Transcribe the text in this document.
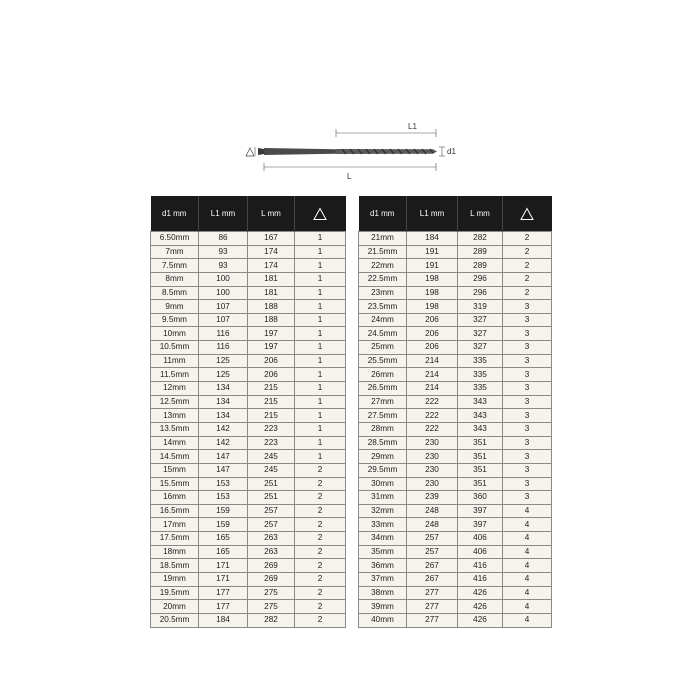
L1
d1
L
d1 mm	L1 mm	L mm	
6.50mm	86	167	1
7mm	93	174	1
7.5mm	93	174	1
8mm	100	181	1
8.5mm	100	181	1
9mm	107	188	1
9.5mm	107	188	1
10mm	116	197	1
10.5mm	116	197	1
11mm	125	206	1
11.5mm	125	206	1
12mm	134	215	1
12.5mm	134	215	1
13mm	134	215	1
13.5mm	142	223	1
14mm	142	223	1
14.5mm	147	245	1
15mm	147	245	2
15.5mm	153	251	2
16mm	153	251	2
16.5mm	159	257	2
17mm	159	257	2
17.5mm	165	263	2
18mm	165	263	2
18.5mm	171	269	2
19mm	171	269	2
19.5mm	177	275	2
20mm	177	275	2
20.5mm	184	282	2
d1 mm	L1 mm	L mm	
21mm	184	282	2
21.5mm	191	289	2
22mm	191	289	2
22.5mm	198	296	2
23mm	198	296	2
23.5mm	198	319	3
24mm	206	327	3
24.5mm	206	327	3
25mm	206	327	3
25.5mm	214	335	3
26mm	214	335	3
26.5mm	214	335	3
27mm	222	343	3
27.5mm	222	343	3
28mm	222	343	3
28.5mm	230	351	3
29mm	230	351	3
29.5mm	230	351	3
30mm	230	351	3
31mm	239	360	3
32mm	248	397	4
33mm	248	397	4
34mm	257	406	4
35mm	257	406	4
36mm	267	416	4
37mm	267	416	4
38mm	277	426	4
39mm	277	426	4
40mm	277	426	4
